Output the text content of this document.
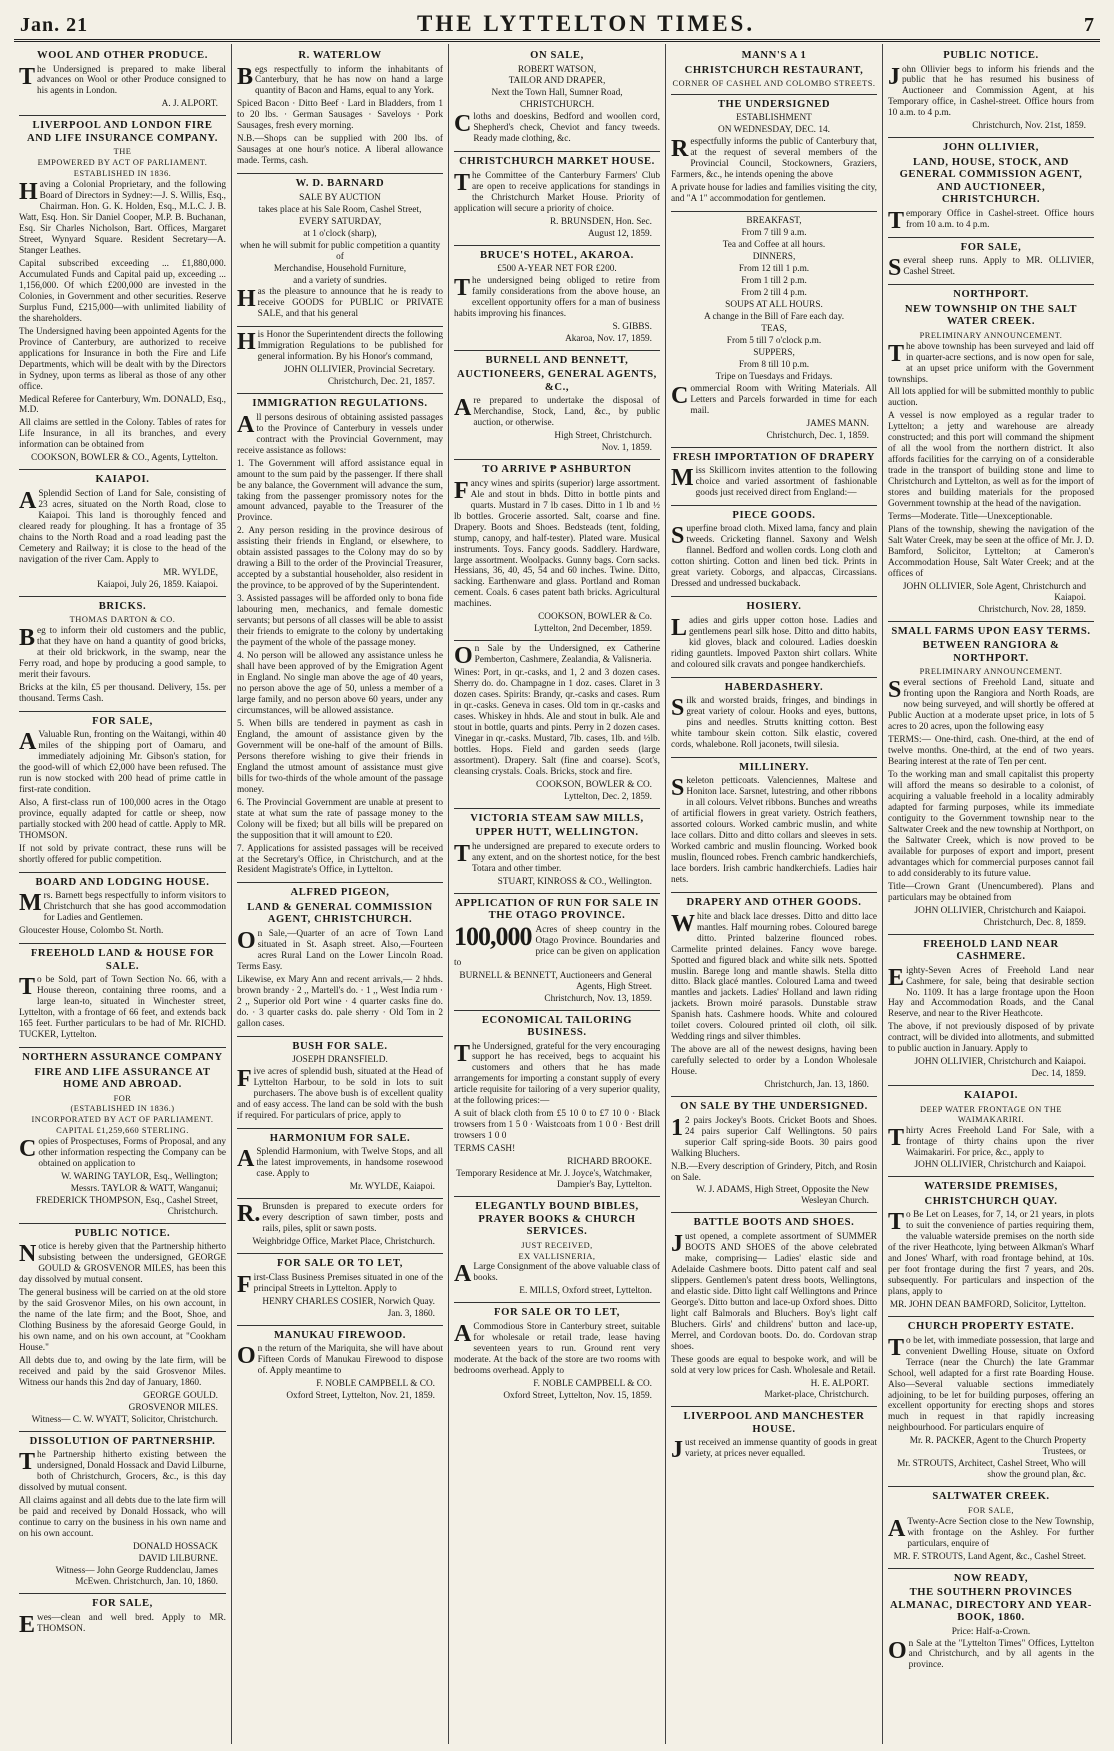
Jan. 21	THE LYTTELTON TIMES.	7
WOOL AND OTHER PRODUCE.

The Undersigned is prepared to make liberal advances on Wool or other Produce consigned to his agents in London.

A. J. ALPORT.
LIVERPOOL AND LONDON FIRE AND LIFE INSURANCE COMPANY.
THE
EMPOWERED BY ACT OF PARLIAMENT.
ESTABLISHED IN 1836.

Having a Colonial Proprietary, and the following Board of Directors in Sydney:—J. S. Willis, Esq., Chairman. Hon. G. K. Holden, Esq., M.L.C. J. B. Watt, Esq. Hon. Sir Daniel Cooper, M.P. B. Buchanan, Esq. Sir Charles Nicholson, Bart. Offices, Margaret Street, Wynyard Square. Resident Secretary—A. Stanger Leathes.

Capital subscribed exceeding ... £1,880,000. Accumulated Funds and Capital paid up, exceeding ... 1,156,000. Of which £200,000 are invested in the Colonies, in Government and other securities. Reserve Surplus Fund, £215,000—with unlimited liability of the shareholders.

The Undersigned having been appointed Agents for the Province of Canterbury, are authorized to receive applications for Insurance in both the Fire and Life Departments, which will be dealt with by the Directors in Sydney, upon terms as liberal as those of any other office.

Medical Referee for Canterbury, Wm. DONALD, Esq., M.D.

All claims are settled in the Colony. Tables of rates for Life Insurance, in all its branches, and every information can be obtained from

COOKSON, BOWLER & CO., Agents, Lyttelton.
KAIAPOI.

ASplendid Section of Land for Sale, consisting of 23 acres, situated on the North Road, close to Kaiapoi. This land is thoroughly fenced and cleared ready for ploughing. It has a frontage of 35 chains to the North Road and a road leading past the Cemetery and Railway; it is close to the head of the navigation of the river Cam. Apply to

MR. WYLDE,
Kaiapoi, July 26, 1859. Kaiapoi.
BRICKS.
THOMAS DARTON & CO.

Beg to inform their old customers and the public, that they have on hand a quantity of good bricks, at their old brickwork, in the swamp, near the Ferry road, and hope by producing a good sample, to merit their favours.

Bricks at the kiln, £5 per thousand. Delivery, 15s. per thousand. Terms Cash.

FOR SALE,

AValuable Run, fronting on the Waitangi, within 40 miles of the shipping port of Oamaru, and immediately adjoining Mr. Gibson's station, for the good-will of which £2,000 have been refused. The run is now stocked with 200 head of prime cattle in first-rate condition.

Also, A first-class run of 100,000 acres in the Otago province, equally adapted for cattle or sheep, now partially stocked with 200 head of cattle. Apply to MR. THOMSON.

If not sold by private contract, these runs will be shortly offered for public competition.

BOARD AND LODGING HOUSE.

Mrs. Barnett begs respectfully to inform visitors to Christchurch that she has good accommodation for Ladies and Gentlemen.

Gloucester House, Colombo St. North.

FREEHOLD LAND & HOUSE FOR SALE.

To be Sold, part of Town Section No. 66, with a House thereon, containing three rooms, and a large lean-to, situated in Winchester street, Lyttelton, with a frontage of 66 feet, and extends back 165 feet. Further particulars to be had of Mr. RICHD. TUCKER, Lyttelton.

NORTHERN ASSURANCE COMPANY
FIRE AND LIFE ASSURANCE AT HOME AND ABROAD.
FOR
(ESTABLISHED IN 1836.)
INCORPORATED BY ACT OF PARLIAMENT.
CAPITAL £1,259,660 STERLING.

Copies of Prospectuses, Forms of Proposal, and any other information respecting the Company can be obtained on application to

W. WARING TAYLOR, Esq., Wellington;
Messrs. TAYLOR & WATT, Wanganui;
FREDERICK THOMPSON, Esq., Cashel Street, Christchurch.
PUBLIC NOTICE.

Notice is hereby given that the Partnership hitherto subsisting between the undersigned, GEORGE GOULD & GROSVENOR MILES, has been this day dissolved by mutual consent.

The general business will be carried on at the old store by the said Grosvenor Miles, on his own account, in the name of the late firm; and the Boot, Shoe, and Clothing Business by the aforesaid George Gould, in his own name, and on his own account, at "Cookham House."

All debts due to, and owing by the late firm, will be received and paid by the said Grosvenor Miles. Witness our hands this 2nd day of January, 1860.

GEORGE GOULD.
GROSVENOR MILES.
Witness— C. W. WYATT, Solicitor, Christchurch.
DISSOLUTION OF PARTNERSHIP.

The Partnership hitherto existing between the undersigned, Donald Hossack and David Lilburne, both of Christchurch, Grocers, &c., is this day dissolved by mutual consent.

All claims against and all debts due to the late firm will be paid and received by Donald Hossack, who will continue to carry on the business in his own name and on his own account.

DONALD HOSSACK
DAVID LILBURNE.
Witness— John George Ruddenclau, James McEwen. Christchurch, Jan. 10, 1860.
FOR SALE,

Ewes—clean and well bred. Apply to MR. THOMSON.

R. WATERLOW

Begs respectfully to inform the inhabitants of Canterbury, that he has now on hand a large quantity of Bacon and Hams, equal to any York.

Spiced Bacon · Ditto Beef · Lard in Bladders, from 1 to 20 lbs. · German Sausages · Saveloys · Pork Sausages, fresh every morning.

N.B.—Shops can be supplied with 200 lbs. of Sausages at one hour's notice. A liberal allowance made. Terms, cash.

W. D. BARNARD
SALE BY AUCTION
takes place at his Sale Room, Cashel Street,
EVERY SATURDAY,
at 1 o'clock (sharp),
when he will submit for public competition a quantity of
Merchandise, Household Furniture,
and a variety of sundries.

Has the pleasure to announce that he is ready to receive GOODS for PUBLIC or PRIVATE SALE, and that his general

His Honor the Superintendent directs the following Immigration Regulations to be published for general information. By his Honor's command,

JOHN OLLIVIER, Provincial Secretary.
Christchurch, Dec. 21, 1857.
IMMIGRATION REGULATIONS.

All persons desirous of obtaining assisted passages to the Province of Canterbury in vessels under contract with the Provincial Government, may receive assistance as follows:

1. The Government will afford assistance equal in amount to the sum paid by the passenger. If there shall be any balance, the Government will advance the sum, taking from the passenger promissory notes for the amount advanced, payable to the Treasurer of the Province.

2. Any person residing in the province desirous of assisting their friends in England, or elsewhere, to obtain assisted passages to the Colony may do so by drawing a Bill to the order of the Provincial Treasurer, accepted by a substantial householder, also resident in the province, to be approved of by the Superintendent.

3. Assisted passages will be afforded only to bona fide labouring men, mechanics, and female domestic servants; but persons of all classes will be able to assist their friends to emigrate to the colony by undertaking the payment of the whole of the passage money.

4. No person will be allowed any assistance unless he shall have been approved of by the Emigration Agent in England. No single man above the age of 40 years, no person above the age of 50, unless a member of a large family, and no person above 60 years, under any circumstances, will be allowed assistance.

5. When bills are tendered in payment as cash in England, the amount of assistance given by the Government will be one-half of the amount of Bills. Persons therefore wishing to give their friends in England the utmost amount of assistance must give bills for two-thirds of the whole amount of the passage money.

6. The Provincial Government are unable at present to state at what sum the rate of passage money to the Colony will be fixed; but all bills will be prepared on the supposition that it will amount to £20.

7. Applications for assisted passages will be received at the Secretary's Office, in Christchurch, and at the Resident Magistrate's Office, in Lyttelton.

ALFRED PIGEON,
LAND & GENERAL COMMISSION AGENT, CHRISTCHURCH.

On Sale,—Quarter of an acre of Town Land situated in St. Asaph street. Also,—Fourteen acres Rural Land on the Lower Lincoln Road. Terms Easy.

Likewise, ex Mary Ann and recent arrivals,— 2 hhds. brown brandy · 2 ,, Martell's do. · 1 ,, West India rum · 2 ,, Superior old Port wine · 4 quarter casks fine do. do. · 3 quarter casks do. pale sherry · Old Tom in 2 gallon cases.

BUSH FOR SALE.
JOSEPH DRANSFIELD.

Five acres of splendid bush, situated at the Head of Lyttelton Harbour, to be sold in lots to suit purchasers. The above bush is of excellent quality and of easy access. The land can be sold with the bush if required. For particulars of price, apply to

HARMONIUM FOR SALE.

ASplendid Harmonium, with Twelve Stops, and all the latest improvements, in handsome rosewood case. Apply to

Mr. WYLDE, Kaiapoi.

R.Brunsden is prepared to execute orders for every description of sawn timber, posts and rails, piles, split or sawn posts.

Weighbridge Office, Market Place, Christchurch.
FOR SALE OR TO LET,

First-Class Business Premises situated in one of the principal Streets in Lyttelton. Apply to

HENRY CHARLES COSIER, Norwich Quay.
Jan. 3, 1860.
MANUKAU FIREWOOD.

On the return of the Mariquita, she will have about Fifteen Cords of Manukau Firewood to dispose of. Apply meantime to

F. NOBLE CAMPBELL & CO.
Oxford Street, Lyttelton, Nov. 21, 1859.
ON SALE,
ROBERT WATSON,
TAILOR AND DRAPER,
Next the Town Hall, Sumner Road,
CHRISTCHURCH.

Cloths and doeskins, Bedford and woollen cord, Shepherd's check, Cheviot and fancy tweeds. Ready made clothing, &c.

CHRISTCHURCH MARKET HOUSE.

The Committee of the Canterbury Farmers' Club are open to receive applications for standings in the Christchurch Market House. Priority of application will secure a priority of choice.

R. BRUNSDEN, Hon. Sec.
August 12, 1859.
BRUCE'S HOTEL, AKAROA.
£500 A-YEAR NET FOR £200.

The undersigned being obliged to retire from family considerations from the above house, an excellent opportunity offers for a man of business habits improving his finances.

S. GIBBS.
Akaroa, Nov. 17, 1859.
BURNELL AND BENNETT,
AUCTIONEERS, GENERAL AGENTS, &C.,

Are prepared to undertake the disposal of Merchandise, Stock, Land, &c., by public auction, or otherwise.

High Street, Christchurch.
Nov. 1, 1859.
TO ARRIVE ₱ ASHBURTON

Fancy wines and spirits (superior) large assortment. Ale and stout in bhds. Ditto in bottle pints and quarts. Mustard in 7 lb cases. Ditto in 1 lb and ½ lb bottles. Grocerie assorted. Salt, coarse and fine. Drapery. Boots and Shoes. Bedsteads (tent, folding, stump, canopy, and half-tester). Plated ware. Musical instruments. Toys. Fancy goods. Saddlery. Hardware, large assortment. Woolpacks. Gunny bags. Corn sacks. Hessians, 36, 40, 45, 54 and 60 inches. Twine. Ditto, sacking. Earthenware and glass. Portland and Roman cement. Coals. 6 cases patent bath bricks. Agricultural machines.

COOKSON, BOWLER & Co.
Lyttelton, 2nd December, 1859.

On Sale by the Undersigned, ex Catherine Pemberton, Cashmere, Zealandia, & Valisneria.

Wines: Port, in qr.-casks, and 1, 2 and 3 dozen cases. Sherry do. do. Champagne in 1 doz. cases. Claret in 3 dozen cases. Spirits: Brandy, qr.-casks and cases. Rum in qr.-casks. Geneva in cases. Old tom in qr.-casks and cases. Whiskey in hhds. Ale and stout in bulk. Ale and stout in bottle, quarts and pints. Perry in 2 dozen cases. Vinegar in qr.-casks. Mustard, 7lb. cases, 1lb. and ½lb. bottles. Hops. Field and garden seeds (large assortment). Drapery. Salt (fine and coarse). Scot's, cleansing crystals. Coals. Bricks, stock and fire.

COOKSON, BOWLER & CO.
Lyttelton, Dec. 2, 1859.
VICTORIA STEAM SAW MILLS,
UPPER HUTT, WELLINGTON.

The undersigned are prepared to execute orders to any extent, and on the shortest notice, for the best Totara and other timber.

STUART, KINROSS & CO., Wellington.
APPLICATION OF RUN FOR SALE IN THE OTAGO PROVINCE.
100,000 Acres of sheep country in the Otago Province. Boundaries and price can be given on application to

BURNELL & BENNETT, Auctioneers and General Agents, High Street.
Christchurch, Nov. 13, 1859.
ECONOMICAL TAILORING BUSINESS.

The Undersigned, grateful for the very encouraging support he has received, begs to acquaint his customers and others that he has made arrangements for importing a constant supply of every article requisite for tailoring of a very superior quality, at the following prices:—

A suit of black cloth from £5 10 0 to £7 10 0 · Black trowsers from 1 5 0 · Waistcoats from 1 0 0 · Best drill trowsers 1 0 0

TERMS CASH!

RICHARD BROOKE.
Temporary Residence at Mr. J. Joyce's, Watchmaker, Dampier's Bay, Lyttelton.
ELEGANTLY BOUND BIBLES, PRAYER BOOKS & CHURCH SERVICES.
JUST RECEIVED,
EX VALLISNERIA,

ALarge Consignment of the above valuable class of books.

E. MILLS, Oxford street, Lyttelton.
FOR SALE OR TO LET,

ACommodious Store in Canterbury street, suitable for wholesale or retail trade, lease having seventeen years to run. Ground rent very moderate. At the back of the store are two rooms with bedrooms overhead. Apply to

F. NOBLE CAMPBELL & CO.
Oxford Street, Lyttelton, Nov. 15, 1859.
MANN'S A 1
CHRISTCHURCH RESTAURANT,
CORNER OF CASHEL AND COLOMBO STREETS.
THE UNDERSIGNED
ESTABLISHMENT
ON WEDNESDAY, DEC. 14.

Respectfully informs the public of Canterbury that, at the request of several members of the Provincial Council, Stockowners, Graziers, Farmers, &c., he intends opening the above

A private house for ladies and families visiting the city, and "A 1" accommodation for gentlemen.

BREAKFAST,
From 7 till 9 a.m.
Tea and Coffee at all hours.
DINNERS,
From 12 till 1 p.m.
From 1 till 2 p.m.
From 2 till 4 p.m.
SOUPS AT ALL HOURS.
A change in the Bill of Fare each day.
TEAS,
From 5 till 7 o'clock p.m.
SUPPERS,
From 8 till 10 p.m.
Tripe on Tuesdays and Fridays.

Commercial Room with Writing Materials. All Letters and Parcels forwarded in time for each mail.

JAMES MANN.
Christchurch, Dec. 1, 1859.
FRESH IMPORTATION OF DRAPERY

Miss Skillicorn invites attention to the following choice and varied assortment of fashionable goods just received direct from England:—

PIECE GOODS.

Superfine broad cloth. Mixed lama, fancy and plain tweeds. Cricketing flannel. Saxony and Welsh flannel. Bedford and wollen cords. Long cloth and cotton shirting. Cotton and linen bed tick. Prints in great variety. Coborgs, and alpaccas, Circassians. Dressed and undressed buckaback.

HOSIERY.

Ladies and girls upper cotton hose. Ladies and gentlemens pearl silk hose. Ditto and ditto habits, kid gloves, black and coloured. Ladies doeskin riding gauntlets. Impoved Paxton shirt collars. White and coloured silk cravats and pongee handkerchiefs.

HABERDASHERY.

Silk and worsted braids, fringes, and bindings in great variety of colour. Hooks and eyes, buttons, pins and needles. Strutts knitting cotton. Best white tambour skein cotton. Silk elastic, covered cords, whalebone. Roll jaconets, twill silesia.

MILLINERY.

Skeleton petticoats. Valenciennes, Maltese and Honiton lace. Sarsnet, lutestring, and other ribbons in all colours. Velvet ribbons. Bunches and wreaths of artificial flowers in great variety. Ostrich feathers, assorted colours. Worked cambric muslin, and white lace collars. Ditto and ditto collars and sleeves in sets. Worked cambric and muslin flouncing. Worked book muslin, flounced robes. French cambric handkerchiefs, lace borders. Irish cambric handkerchiefs. Ladies hair nets.

DRAPERY AND OTHER GOODS.

White and black lace dresses. Ditto and ditto lace mantles. Half mourning robes. Coloured barege ditto. Printed balzerine flounced robes. Carmelite printed delaines. Fancy wove barege. Spotted and figured black and white silk nets. Spotted muslin. Barege long and mantle shawls. Stella ditto ditto. Black glacé mantles. Coloured Lama and tweed mantles and jackets. Ladies' Holland and lawn riding jackets. Brown moiré parasols. Dunstable straw Spanish hats. Cashmere hoods. White and coloured toilet covers. Coloured printed oil cloth, oil silk. Wedding rings and silver thimbles.

The above are all of the newest designs, having been carefully selected to order by a London Wholesale House.

Christchurch, Jan. 13, 1860.
ON SALE BY THE UNDERSIGNED.

12 pairs Jockey's Boots. Cricket Boots and Shoes. 24 pairs superior Calf Wellingtons. 50 pairs superior Calf spring-side Boots. 30 pairs good Walking Bluchers.

N.B.—Every description of Grindery, Pitch, and Rosin on Sale.

W. J. ADAMS, High Street, Opposite the New Wesleyan Church.
BATTLE BOOTS AND SHOES.

Just opened, a complete assortment of SUMMER BOOTS AND SHOES of the above celebrated make, comprising— Ladies' elastic side and Adelaide Cashmere boots. Ditto patent calf and seal slippers. Gentlemen's patent dress boots, Wellingtons, and elastic side. Ditto light calf Wellingtons and Prince George's. Ditto button and lace-up Oxford shoes. Ditto light calf Balmorals and Bluchers. Boy's light calf Bluchers. Girls' and childrens' button and lace-up, Merrel, and Cordovan boots. Do. do. Cordovan strap shoes.

These goods are equal to bespoke work, and will be sold at very low prices for Cash. Wholesale and Retail.

H. E. ALPORT.
Market-place, Christchurch.
LIVERPOOL AND MANCHESTER HOUSE.

Just received an immense quantity of goods in great variety, at prices never equalled.

PUBLIC NOTICE.

John Ollivier begs to inform his friends and the public that he has resumed his business of Auctioneer and Commission Agent, at his Temporary office, in Cashel-street. Office hours from 10 a.m. to 4 p.m.

Christchurch, Nov. 21st, 1859.
JOHN OLLIVIER,
LAND, HOUSE, STOCK, AND GENERAL COMMISSION AGENT, AND AUCTIONEER, CHRISTCHURCH.

Temporary Office in Cashel-street. Office hours from 10 a.m. to 4 p.m.

FOR SALE,

Several sheep runs. Apply to MR. OLLIVIER, Cashel Street.

NORTHPORT.
NEW TOWNSHIP ON THE SALT WATER CREEK.
PRELIMINARY ANNOUNCEMENT.

The above township has been surveyed and laid off in quarter-acre sections, and is now open for sale, at an upset price uniform with the Government townships.

All lots applied for will be submitted monthly to public auction.

A vessel is now employed as a regular trader to Lyttelton; a jetty and warehouse are already constructed; and this port will command the shipment of all the wool from the northern district. It also affords facilities for the carrying on of a considerable trade in the transport of building stone and lime to Christchurch and Lyttelton, as well as for the import of stores and building materials for the proposed Government township at the head of the navigation.

Terms—Moderate. Title—Unexceptionable.

Plans of the township, shewing the navigation of the Salt Water Creek, may be seen at the office of Mr. J. D. Bamford, Solicitor, Lyttelton; at Cameron's Accommodation House, Salt Water Creek; and at the offices of

JOHN OLLIVIER, Sole Agent, Christchurch and Kaiapoi.
Christchurch, Nov. 28, 1859.
SMALL FARMS UPON EASY TERMS.
BETWEEN RANGIORA & NORTHPORT.
PRELIMINARY ANNOUNCEMENT.

Several sections of Freehold Land, situate and fronting upon the Rangiora and North Roads, are now being surveyed, and will shortly be offered at Public Auction at a moderate upset price, in lots of 5 acres to 20 acres, upon the following easy

TERMS:— One-third, cash. One-third, at the end of twelve months. One-third, at the end of two years. Bearing interest at the rate of Ten per cent.

To the working man and small capitalist this property will afford the means so desirable to a colonist, of acquiring a valuable freehold in a locality admirably adapted for farming purposes, while its immediate contiguity to the Government township near to the Saltwater Creek and the new township at Northport, on the Saltwater Creek, which is now proved to be available for purposes of export and import, present advantages which for commercial purposes cannot fail to add considerably to its future value.

Title—Crown Grant (Unencumbered). Plans and particulars may be obtained from

JOHN OLLIVIER, Christchurch and Kaiapoi.
Christchurch, Dec. 8, 1859.
FREEHOLD LAND NEAR CASHMERE.

Eighty-Seven Acres of Freehold Land near Cashmere, for sale, being that desirable section No. 1109. It has a large frontage upon the Hoon Hay and Accommodation Roads, and the Canal Reserve, and near to the River Heathcote.

The above, if not previously disposed of by private contract, will be divided into allotments, and submitted to public auction in January. Apply to

JOHN OLLIVIER, Christchurch and Kaiapoi.
Dec. 14, 1859.
KAIAPOI.
DEEP WATER FRONTAGE ON THE WAIMAKARIRI.

Thirty Acres Freehold Land For Sale, with a frontage of thirty chains upon the river Waimakariri. For price, &c., apply to

JOHN OLLIVIER, Christchurch and Kaiapoi.
WATERSIDE PREMISES,
CHRISTCHURCH QUAY.

To Be Let on Leases, for 7, 14, or 21 years, in plots to suit the convenience of parties requiring them, the valuable waterside premises on the north side of the river Heathcote, lying between Alkman's Wharf and Jones' Wharf, with road frontage behind, at 10s. per foot frontage during the first 7 years, and 20s. subsequently. For particulars and inspection of the plans, apply to

MR. JOHN DEAN BAMFORD, Solicitor, Lyttelton.
CHURCH PROPERTY ESTATE.

To be let, with immediate possession, that large and convenient Dwelling House, situate on Oxford Terrace (near the Church) the late Grammar School, well adapted for a first rate Boarding House. Also—Several valuable sections immediately adjoining, to be let for building purposes, offering an excellent opportunity for erecting shops and stores much in request in that rapidly increasing neighbourhood. For particulars enquire of

Mr. R. PACKER, Agent to the Church Property Trustees, or
Mr. STROUTS, Architect, Cashel Street, Who will show the ground plan, &c.
SALTWATER CREEK.
FOR SALE,

ATwenty-Acre Section close to the New Township, with frontage on the Ashley. For further particulars, enquire of

MR. F. STROUTS, Land Agent, &c., Cashel Street.
NOW READY,
THE SOUTHERN PROVINCES ALMANAC, DIRECTORY AND YEAR-BOOK, 1860.
Price: Half-a-Crown.

On Sale at the "Lyttelton Times" Offices, Lyttelton and Christchurch, and by all agents in the province.
